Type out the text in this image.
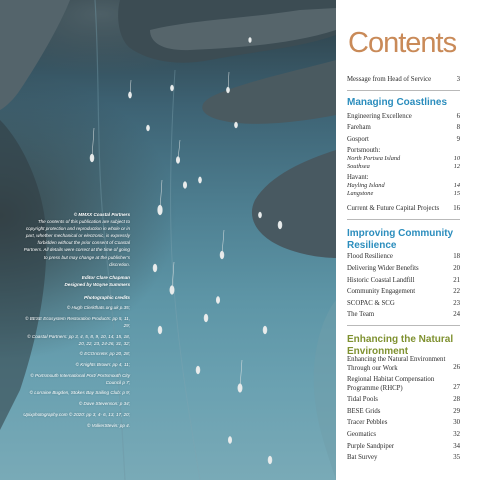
© MMXX Coastal Partners
The contents of this publication are subject to copyright protection and reproduction in whole or in part, whether mechanical or electronic, is expressly forbidden without the prior consent of Coastal Partners. All details were correct at the time of going to press but may change at the publisher's discretion.
Editor Clare Chapman
Designed by Wayne Summers
Photographic credits

© Hugh Clerkthats.org.uk p.35;

© BESE Ecosystem Restoration Products: pp 5, 11, 29;

© Coastal Partners: pp 3, 4, 5, 8, 9, 10, 14, 15, 18, 20, 22, 23, 24-26, 31, 32;

© ECOncrete: pp 20, 28;

© Knights Brown: pp 4, 11;

© Portsmouth International Port/ Portsmouth City Council p 7;

© Lorraine Bugden, Stokes Bay Sailing Club: p 9;

© Dave Stevenson: p 34;

Upixphotography.com © 2020: pp 3, 4- 6, 13, 17, 20;

© VolkerStevin: pp 4.

Contents
Message from Head of Service	3
Managing Coastlines
Engineering Excellence	6
Fareham	8
Gosport	9
Portsmouth:
North Portsea Island	10
Southsea	12
Havant:
Hayling Island	14
Langstone	15
Current & Future Capital Projects	16
Improving Community Resilience
Flood Resilience	18
Delivering Wider Benefits	20
Historic Coastal Landfill	21
Community Engagement	22
SCOPAC & SCG	23
The Team	24
Enhancing the Natural Environment
Enhancing the Natural Environment Through our Work	26
Regional Habitat Compensation Programme (RHCP)	27
Tidal Pools	28
BESE Grids	29
Tracer Pebbles	30
Geomatics	32
Purple Sandpiper	34
Bat Survey	35
